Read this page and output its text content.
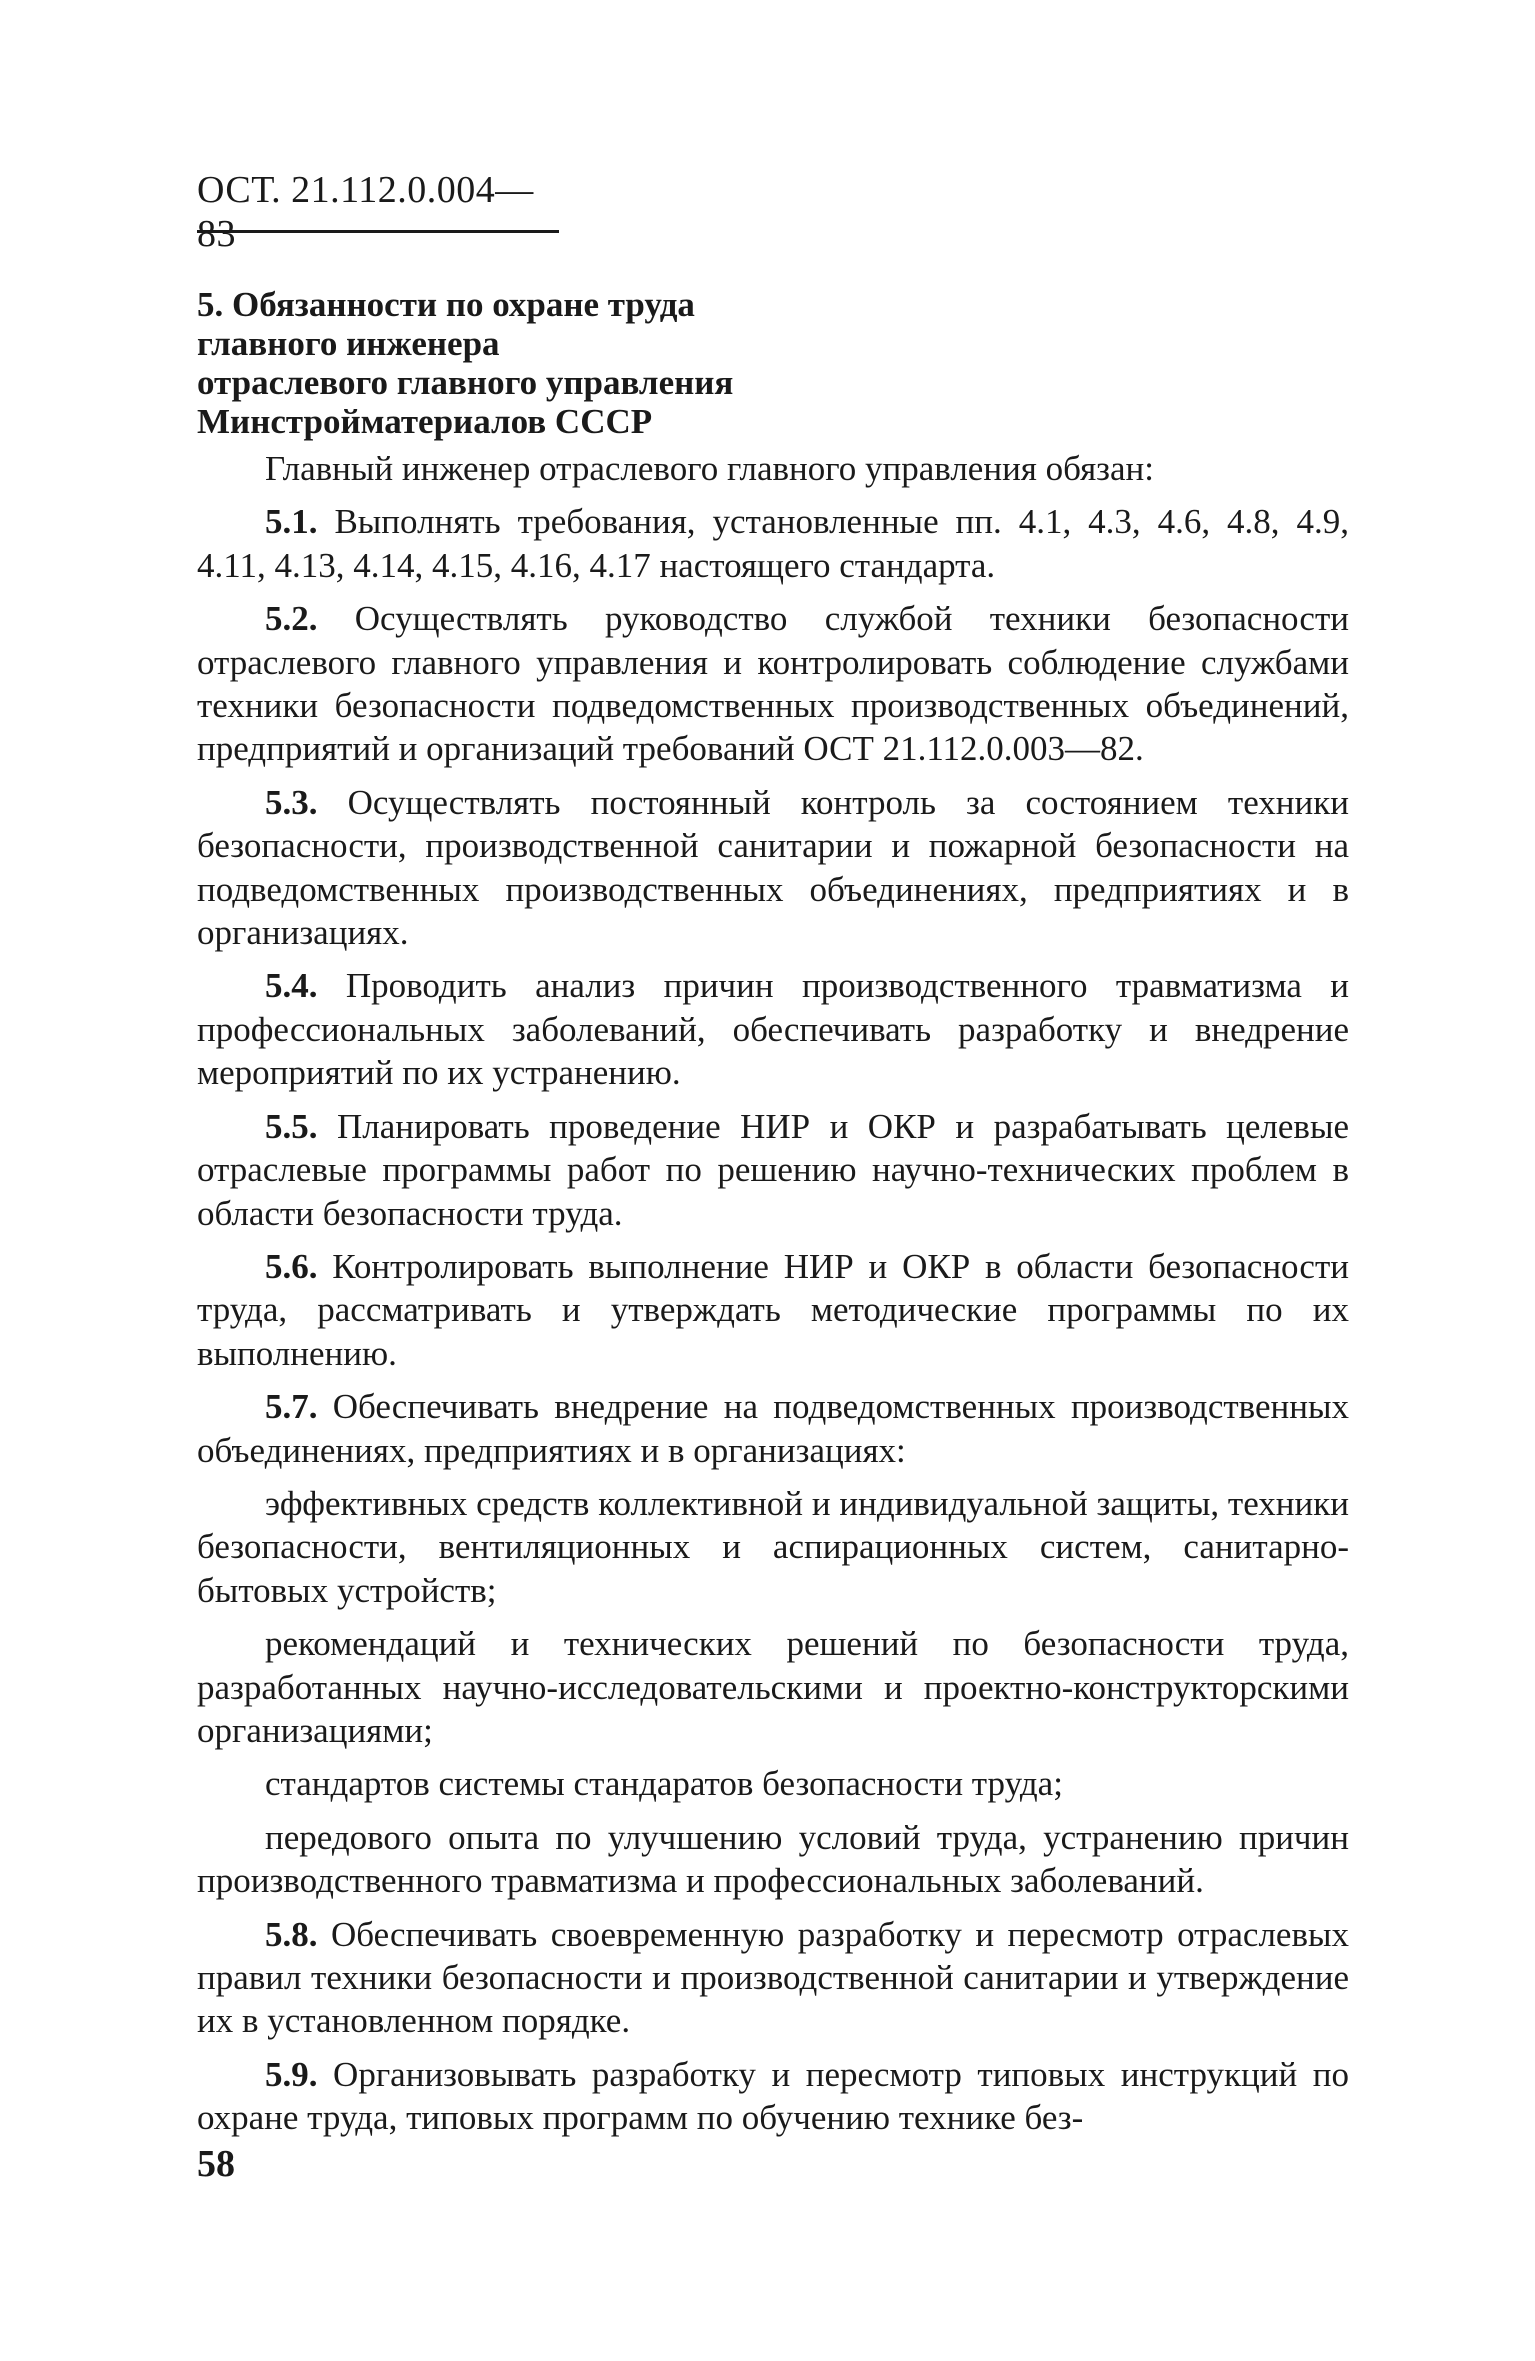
ОСТ. 21.112.0.004—83
5. Обязанности по охране труда
главного инженера
отраслевого главного управления
Минстройматериалов СССР

Главный инженер отраслевого главного управления обязан:

5.1. Выполнять требования, установленные пп. 4.1, 4.3, 4.6, 4.8, 4.9, 4.11, 4.13, 4.14, 4.15, 4.16, 4.17 настоящего стандарта.

5.2. Осуществлять руководство службой техники безопасности отраслевого главного управления и контролировать соблюдение службами техники безопасности подведомственных производственных объединений, предприятий и организаций требований ОСТ 21.112.0.003—82.

5.3. Осуществлять постоянный контроль за состоянием техники безопасности, производственной санитарии и пожарной безопасности на подведомственных производственных объединениях, предприятиях и в организациях.

5.4. Проводить анализ причин производственного травматизма и профессиональных заболеваний, обеспечивать разработку и внедрение мероприятий по их устранению.

5.5. Планировать проведение НИР и ОКР и разрабатывать целевые отраслевые программы работ по решению научно-технических проблем в области безопасности труда.

5.6. Контролировать выполнение НИР и ОКР в области безопасности труда, рассматривать и утверждать методические программы по их выполнению.

5.7. Обеспечивать внедрение на подведомственных производственных объединениях, предприятиях и в организациях:

эффективных средств коллективной и индивидуальной защиты, техники безопасности, вентиляционных и аспирационных систем, санитарно-бытовых устройств;

рекомендаций и технических решений по безопасности труда, разработанных научно-исследовательскими и проектно-конструкторскими организациями;

стандартов системы стандаратов безопасности труда;

передового опыта по улучшению условий труда, устранению причин производственного травматизма и профессиональных заболеваний.

5.8. Обеспечивать своевременную разработку и пересмотр отраслевых правил техники безопасности и производственной санитарии и утверждение их в установленном порядке.

5.9. Организовывать разработку и пересмотр типовых инструкций по охране труда, типовых программ по обучению технике без-

58
